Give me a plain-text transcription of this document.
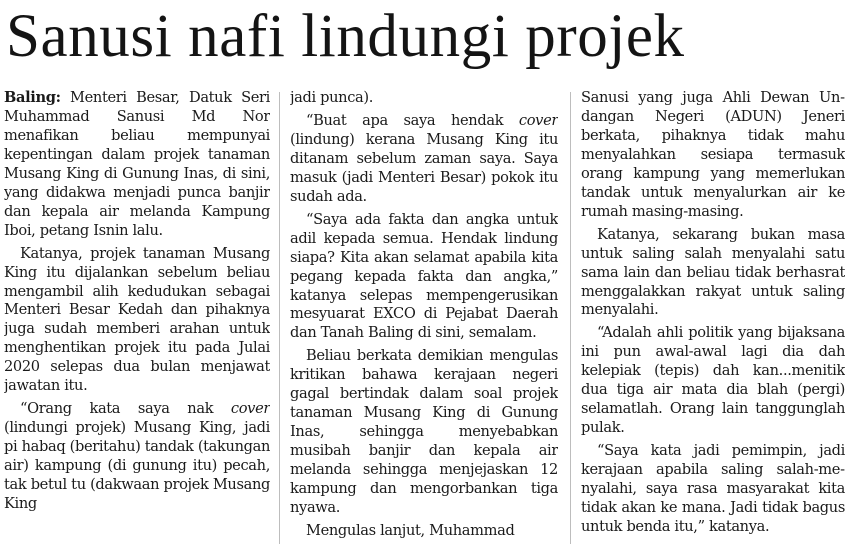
Sanusi nafi lindungi projek

Baling: Menteri Besar, Datuk Seri Muhammad Sanusi Md Nor menafikan beliau mempunyai kepentingan dalam projek tanaman Musang King di Gunung Inas, di sini, yang didakwa menjadi punca banjir dan kepala air melanda Kampung Iboi, petang Isnin lalu.

Katanya, projek tanaman Musang King itu dijalankan sebelum beliau mengambil alih kedudukan sebagai Menteri Besar Kedah dan pihaknya juga sudah memberi arahan untuk menghentikan projek itu pada Julai 2020 selepas dua bulan menjawat jawatan itu.

“Orang kata saya nak cover (lindungi projek) Musang King, jadi pi habaq (beritahu) tandak (takungan air) kampung (di gunung itu) pecah, tak betul tu (dakwaan projek Musang King

jadi punca).

“Buat apa saya hendak cover (lindung) kerana Musang King itu ditanam sebelum zaman saya. Saya masuk (jadi Menteri Besar) pokok itu sudah ada.

“Saya ada fakta dan angka untuk adil kepada semua. Hendak lindung siapa? Kita akan selamat apabila kita pegang kepada fakta dan angka,” katanya selepas mempengerusikan mesyuarat EXCO di Pejabat Daerah dan Tanah Baling di sini, semalam.

Beliau berkata demikian mengulas kritikan bahawa kerajaan negeri gagal bertindak dalam soal projek tanaman Musang King di Gunung Inas, sehingga menyebabkan musibah banjir dan kepala air melanda sehingga menjejaskan 12 kampung dan mengorbankan tiga nyawa.

Mengulas lanjut, Muhammad

Sanusi yang juga Ahli Dewan Undangan Negeri (ADUN) Jeneri berkata, pihaknya tidak mahu menyalahkan sesiapa termasuk orang kampung yang memerlukan tandak untuk menyalurkan air ke rumah masing-masing.

Katanya, sekarang bukan masa untuk saling salah menyalahi satu sama lain dan beliau tidak berhasrat menggalakkan rakyat untuk saling menyalahi.

“Adalah ahli politik yang bijaksana ini pun awal-awal lagi dia dah kelepiak (tepis) dah kan...menitik dua tiga air mata dia blah (pergi) selamatlah. Orang lain tanggunglah pulak.

“Saya kata jadi pemimpin, jadi kerajaan apabila saling salah-menyalahi, saya rasa masyarakat kita tidak akan ke mana. Jadi tidak bagus untuk benda itu,” katanya.
